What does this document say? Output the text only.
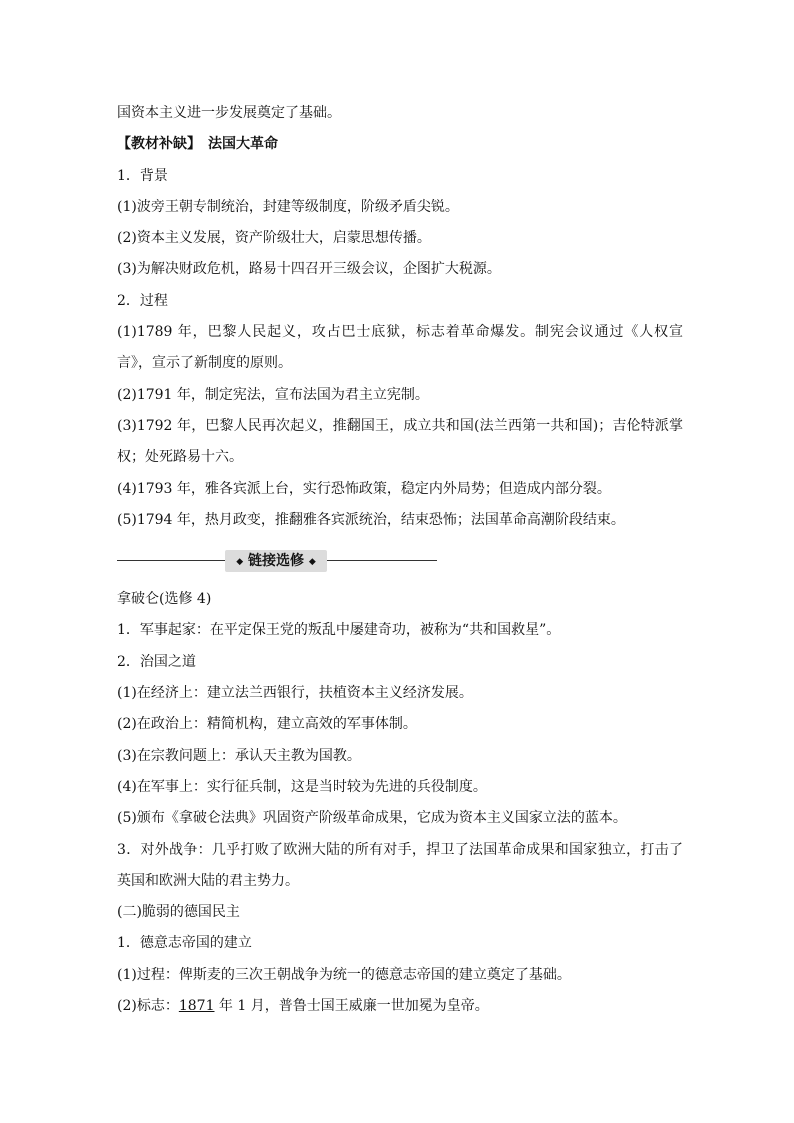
国资本主义进一步发展奠定了基础。
【教材补缺】　法国大革命
1．背景
(1)波旁王朝专制统治，封建等级制度，阶级矛盾尖锐。
(2)资本主义发展，资产阶级壮大，启蒙思想传播。
(3)为解决财政危机，路易十四召开三级会议，企图扩大税源。
2．过程
(1)1789 年，巴黎人民起义，攻占巴士底狱，标志着革命爆发。制宪会议通过《人权宣言》，宣示了新制度的原则。
(2)1791 年，制定宪法，宣布法国为君主立宪制。
(3)1792 年，巴黎人民再次起义，推翻国王，成立共和国(法兰西第一共和国)；吉伦特派掌权；处死路易十六。
(4)1793 年，雅各宾派上台，实行恐怖政策，稳定内外局势；但造成内部分裂。
(5)1794 年，热月政变，推翻雅各宾派统治，结束恐怖；法国革命高潮阶段结束。
◆ 链接选修 ◆
拿破仑(选修 4)
1．军事起家：在平定保王党的叛乱中屡建奇功，被称为“共和国救星”。
2．治国之道
(1)在经济上：建立法兰西银行，扶植资本主义经济发展。
(2)在政治上：精简机构，建立高效的军事体制。
(3)在宗教问题上：承认天主教为国教。
(4)在军事上：实行征兵制，这是当时较为先进的兵役制度。
(5)颁布《拿破仑法典》巩固资产阶级革命成果，它成为资本主义国家立法的蓝本。
3．对外战争：几乎打败了欧洲大陆的所有对手，捍卫了法国革命成果和国家独立，打击了英国和欧洲大陆的君主势力。
(二)脆弱的德国民主
1．德意志帝国的建立
(1)过程：俾斯麦的三次王朝战争为统一的德意志帝国的建立奠定了基础。
(2)标志：1871 年 1 月，普鲁士国王威廉一世加冕为皇帝。
